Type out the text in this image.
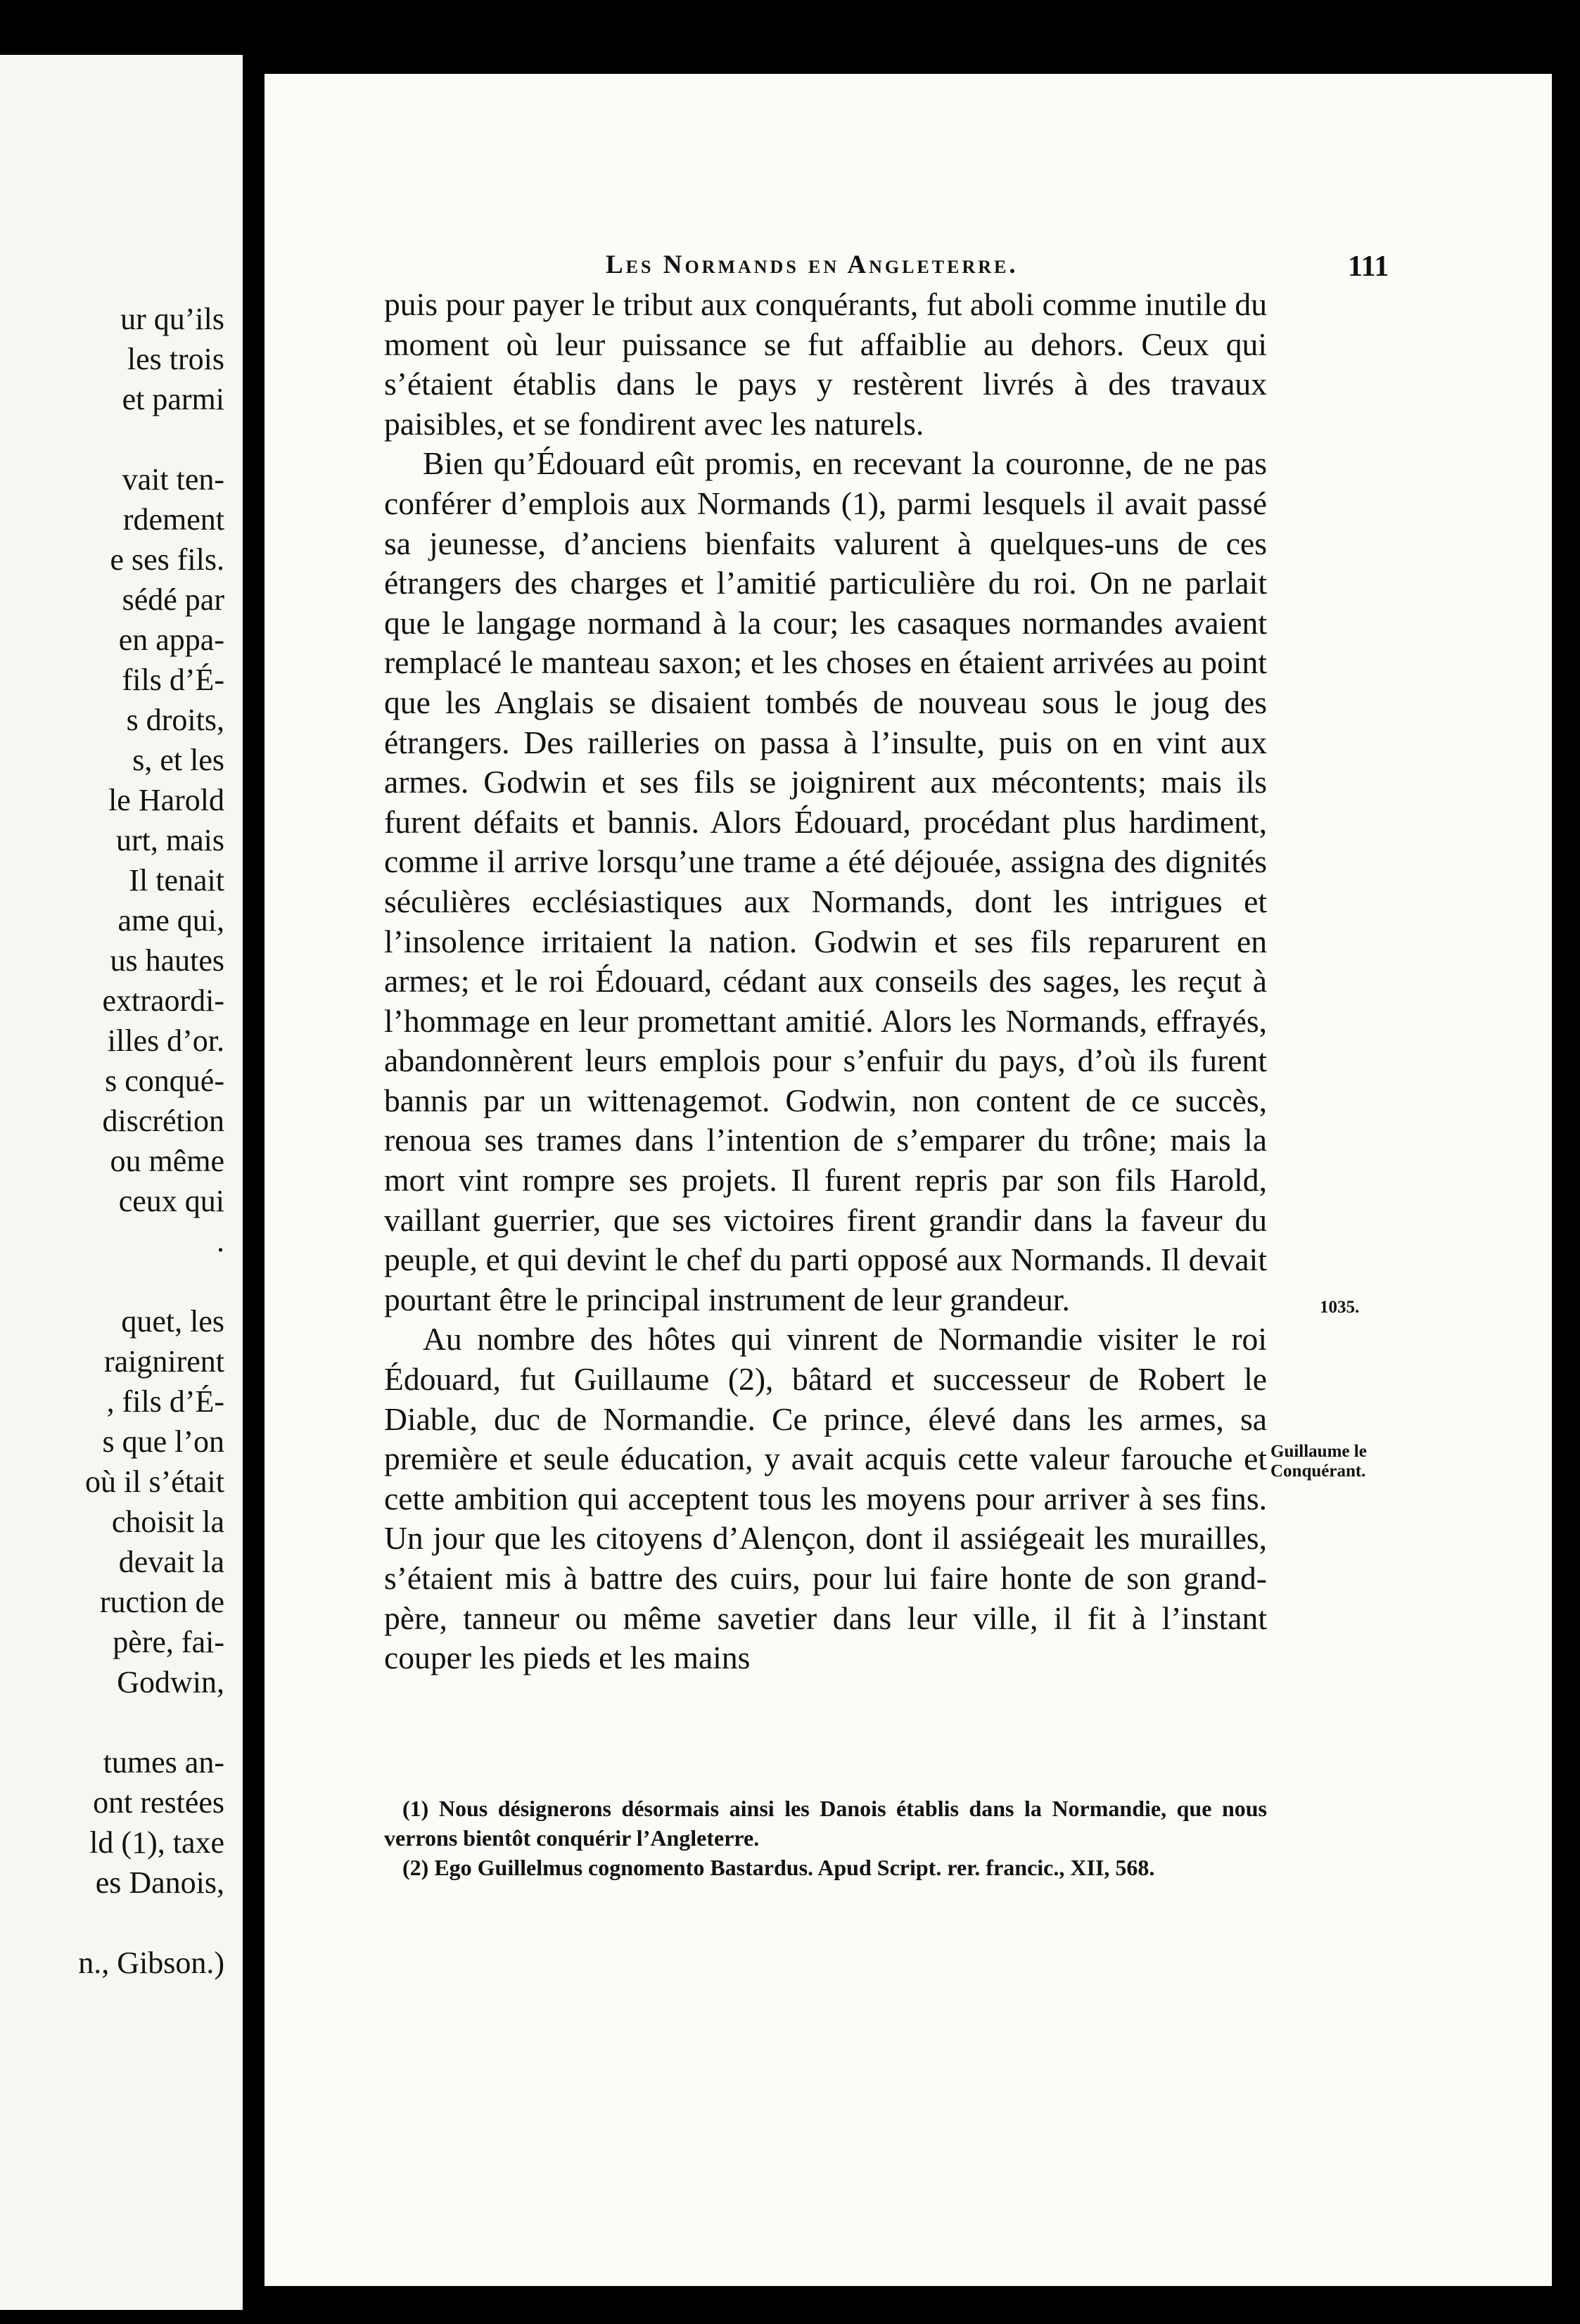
ur qu’ils
les trois
et parmi
vait ten-
rdement
e ses fils.
sédé par
en appa-
fils d’É-
s droits,
s, et les
le Harold
urt, mais
Il tenait
ame qui,
us hautes
extraordi-
illes d’or.
s conqué-
discrétion
ou même
ceux qui
.
quet, les
raignirent
, fils d’É-
s que l’on
où il s’était
choisit la
devait la
ruction de
père, fai-
Godwin,
tumes an-
ont restées
ld (1), taxe
es Danois,
n., Gibson.)
Les Normands en Angleterre.	111

puis pour payer le tribut aux conquérants, fut aboli comme inutile du moment où leur puissance se fut affaiblie au dehors. Ceux qui s’étaient établis dans le pays y restèrent livrés à des travaux paisibles, et se fondirent avec les naturels.

Bien qu’Édouard eût promis, en recevant la couronne, de ne pas conférer d’emplois aux Normands (1), parmi lesquels il avait passé sa jeunesse, d’anciens bienfaits valurent à quelques-uns de ces étrangers des charges et l’amitié particulière du roi. On ne parlait que le langage normand à la cour; les casaques normandes avaient remplacé le manteau saxon; et les choses en étaient arrivées au point que les Anglais se disaient tombés de nouveau sous le joug des étrangers. Des railleries on passa à l’insulte, puis on en vint aux armes. Godwin et ses fils se joignirent aux mécontents; mais ils furent défaits et bannis. Alors Édouard, procédant plus hardiment, comme il arrive lorsqu’une trame a été déjouée, assigna des dignités séculières ecclésiastiques aux Normands, dont les intrigues et l’insolence irritaient la nation. Godwin et ses fils reparurent en armes; et le roi Édouard, cédant aux conseils des sages, les reçut à l’hommage en leur promettant amitié. Alors les Normands, effrayés, abandonnèrent leurs emplois pour s’enfuir du pays, d’où ils furent bannis par un wittenagemot. Godwin, non content de ce succès, renoua ses trames dans l’intention de s’emparer du trône; mais la mort vint rompre ses projets. Il furent repris par son fils Harold, vaillant guerrier, que ses victoires firent grandir dans la faveur du peuple, et qui devint le chef du parti opposé aux Normands. Il devait pourtant être le principal instrument de leur grandeur.

Au nombre des hôtes qui vinrent de Normandie visiter le roi Édouard, fut Guillaume (2), bâtard et successeur de Robert le Diable, duc de Normandie. Ce prince, élevé dans les armes, sa première et seule éducation, y avait acquis cette valeur farouche et cette ambition qui acceptent tous les moyens pour arriver à ses fins. Un jour que les citoyens d’Alençon, dont il assiégeait les murailles, s’étaient mis à battre des cuirs, pour lui faire honte de son grand-père, tanneur ou même savetier dans leur ville, il fit à l’instant couper les pieds et les mains

1035.
Guillaume le Conquérant.

(1) Nous désignerons désormais ainsi les Danois établis dans la Normandie, que nous verrons bientôt conquérir l’Angleterre.

(2) Ego Guillelmus cognomento Bastardus. Apud Script. rer. francic., XII, 568.
